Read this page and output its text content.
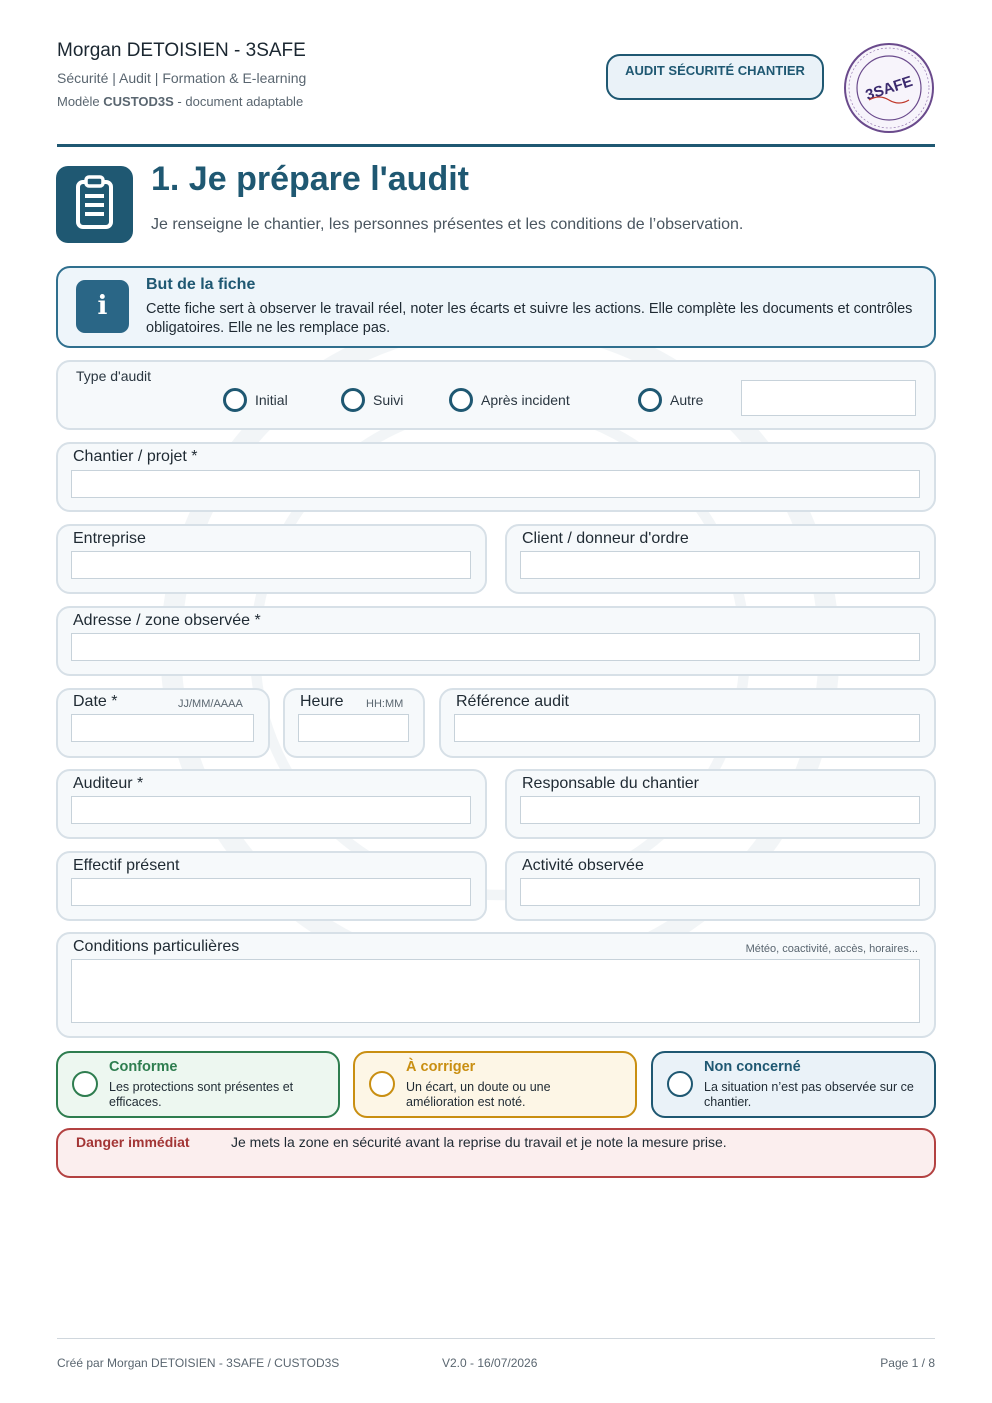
Morgan DETOISIEN - 3SAFE
Sécurité | Audit | Formation & E-learning
Modèle CUSTOD3S - document adaptable
AUDIT SÉCURITÉ CHANTIER
3SAFE
1. Je prépare l'audit
Je renseigne le chantier, les personnes présentes et les conditions de l’observation.
i
But de la fiche
Cette fiche sert à observer le travail réel, noter les écarts et suivre les actions. Elle complète les documents et contrôles obligatoires. Elle ne les remplace pas.
Type d'audit
Initial	Suivi	Après incident	Autre
Chantier / projet *
Entreprise	Client / donneur d'ordre
Adresse / zone observée *
Date *	JJ/MM/AAAA	Heure HH:MM	Référence audit
Auditeur *	Responsable du chantier
Effectif présent	Activité observée
Conditions particulières	Météo, coactivité, accès, horaires...
Conforme
Les protections sont présentes et efficaces.
À corriger
Un écart, un doute ou une amélioration est noté.
Non concerné
La situation n’est pas observée sur ce chantier.
Danger immédiat	Je mets la zone en sécurité avant la reprise du travail et je note la mesure prise.
Créé par Morgan DETOISIEN - 3SAFE / CUSTOD3S	V2.0 - 16/07/2026	Page 1 / 8
